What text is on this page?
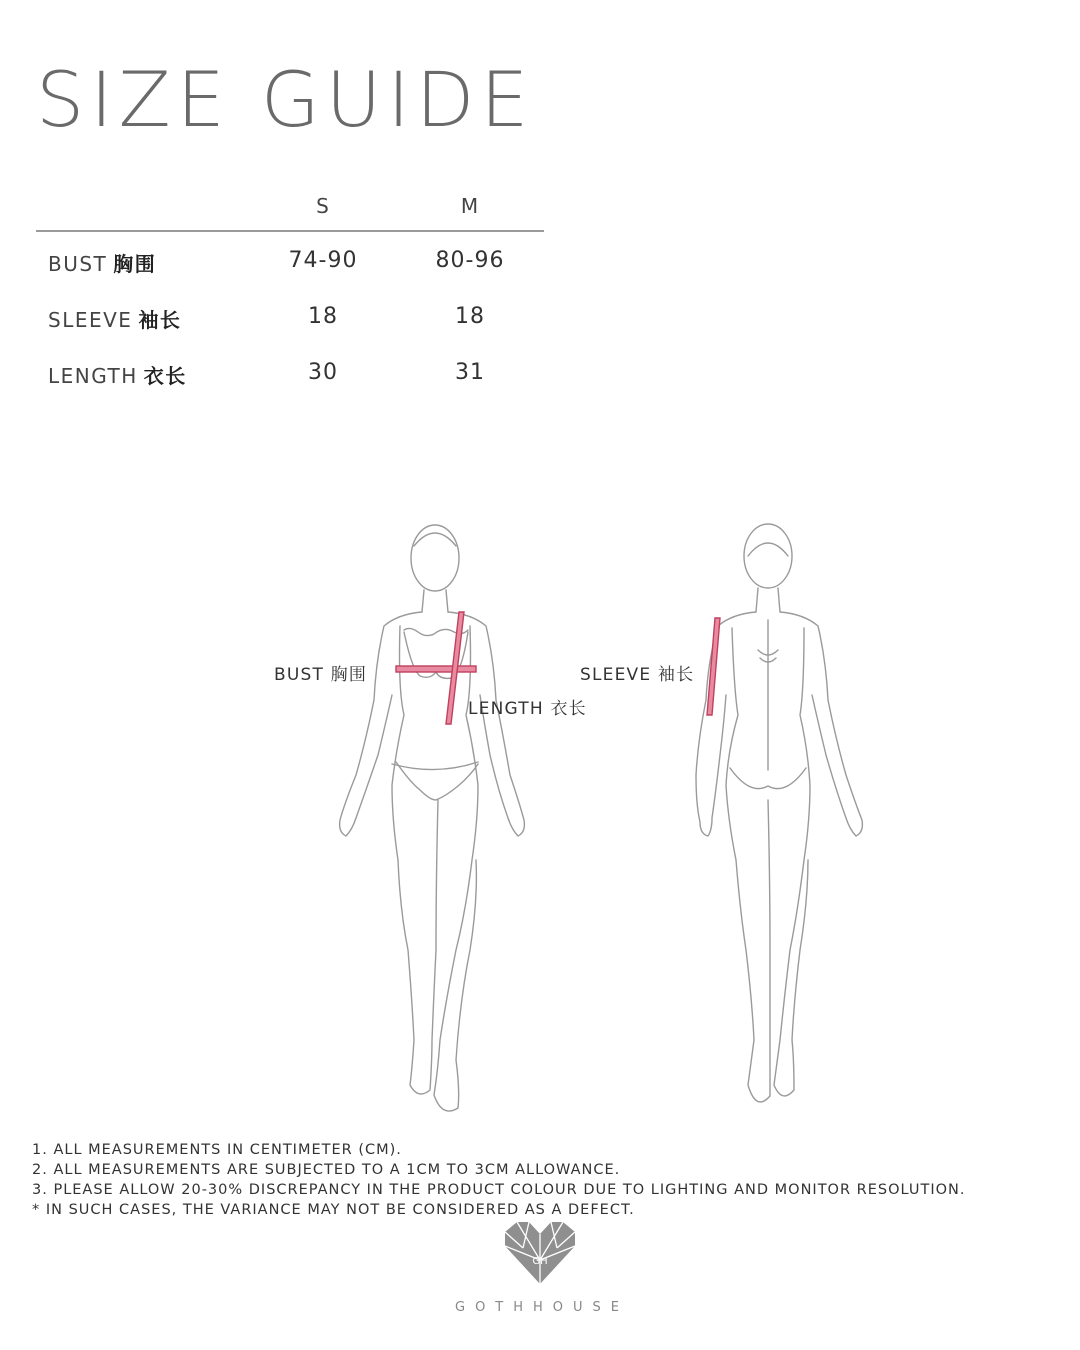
SIZE GUIDE
S	M
BUST 胸围	74-90	80-96
SLEEVE 袖长	18	18
LENGTH 衣长	30	31
BUST 胸围
LENGTH 衣长
SLEEVE 袖长
1. ALL MEASUREMENTS IN CENTIMETER (CM).
2. ALL MEASUREMENTS ARE SUBJECTED TO A 1CM TO 3CM ALLOWANCE.
3. PLEASE ALLOW 20-30% DISCREPANCY IN THE PRODUCT COLOUR DUE TO LIGHTING AND MONITOR RESOLUTION.
* IN SUCH CASES, THE VARIANCE MAY NOT BE CONSIDERED AS A DEFECT.
GH
GOTHHOUSE
